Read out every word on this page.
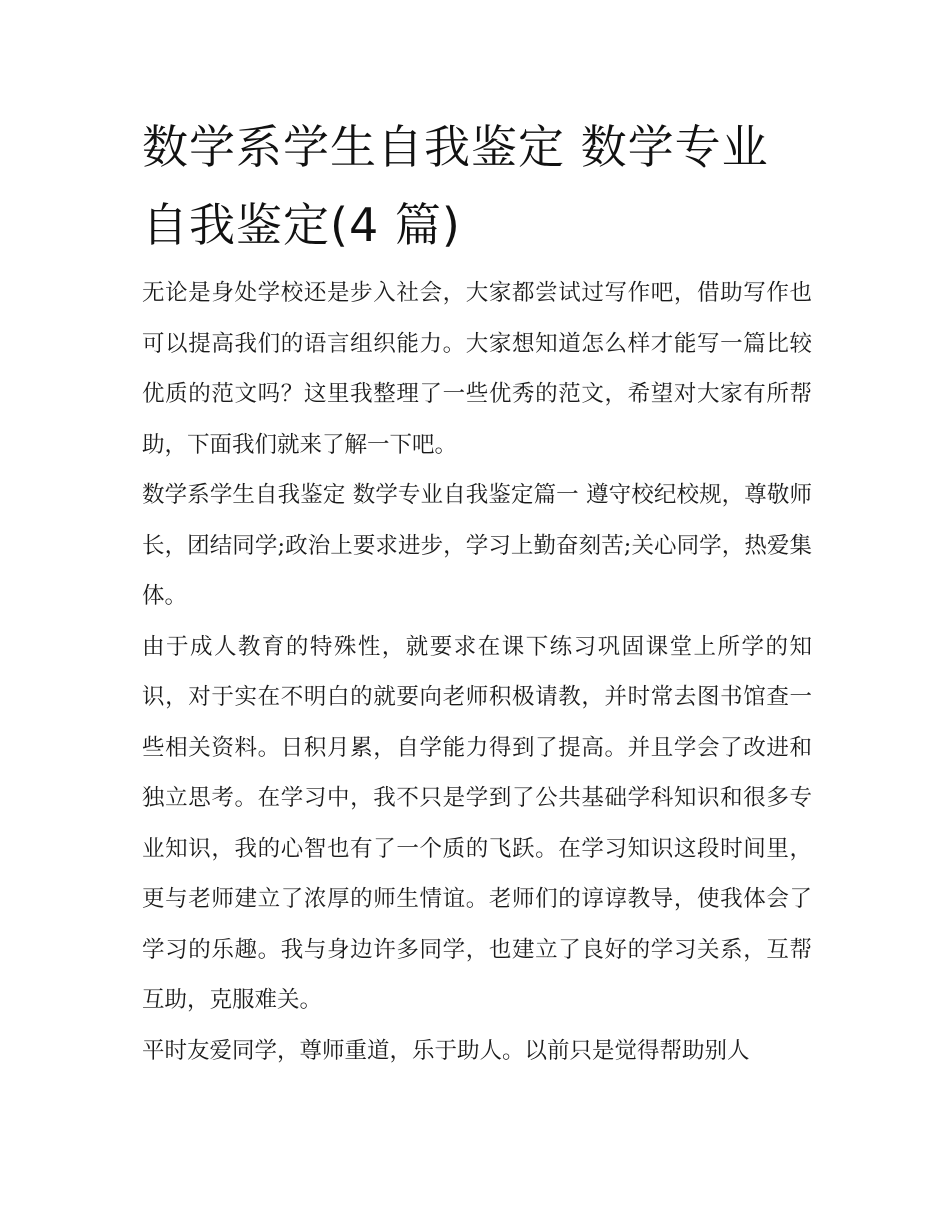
数学系学生自我鉴定 数学专业自我鉴定(4 篇)

无论是身处学校还是步入社会，大家都尝试过写作吧，借助写作也可以提高我们的语言组织能力。大家想知道怎么样才能写一篇比较优质的范文吗？这里我整理了一些优秀的范文，希望对大家有所帮助，下面我们就来了解一下吧。

数学系学生自我鉴定 数学专业自我鉴定篇一 遵守校纪校规，尊敬师长，团结同学;政治上要求进步，学习上勤奋刻苦;关心同学，热爱集体。

由于成人教育的特殊性，就要求在课下练习巩固课堂上所学的知识，对于实在不明白的就要向老师积极请教，并时常去图书馆查一些相关资料。日积月累，自学能力得到了提高。并且学会了改进和独立思考。在学习中，我不只是学到了公共基础学科知识和很多专业知识，我的心智也有了一个质的飞跃。在学习知识这段时间里，更与老师建立了浓厚的师生情谊。老师们的谆谆教导，使我体会了学习的乐趣。我与身边许多同学，也建立了良好的学习关系，互帮互助，克服难关。

平时友爱同学，尊师重道，乐于助人。以前只是觉得帮助别人
